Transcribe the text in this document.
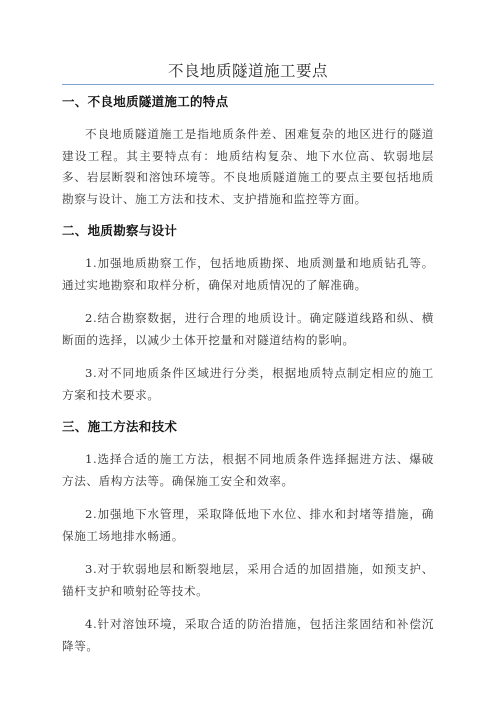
不良地质隧道施工要点

一、不良地质隧道施工的特点

不良地质隧道施工是指地质条件差、困难复杂的地区进行的隧道建设工程。其主要特点有：地质结构复杂、地下水位高、软弱地层多、岩层断裂和溶蚀环境等。不良地质隧道施工的要点主要包括地质勘察与设计、施工方法和技术、支护措施和监控等方面。

二、地质勘察与设计

1.加强地质勘察工作，包括地质勘探、地质测量和地质钻孔等。通过实地勘察和取样分析，确保对地质情况的了解准确。

2.结合勘察数据，进行合理的地质设计。确定隧道线路和纵、横断面的选择，以减少土体开挖量和对隧道结构的影响。

3.对不同地质条件区域进行分类，根据地质特点制定相应的施工方案和技术要求。

三、施工方法和技术

1.选择合适的施工方法，根据不同地质条件选择掘进方法、爆破方法、盾构方法等。确保施工安全和效率。

2.加强地下水管理，采取降低地下水位、排水和封堵等措施，确保施工场地排水畅通。

3.对于软弱地层和断裂地层，采用合适的加固措施，如预支护、锚杆支护和喷射砼等技术。

4.针对溶蚀环境，采取合适的防治措施，包括注浆固结和补偿沉降等。
